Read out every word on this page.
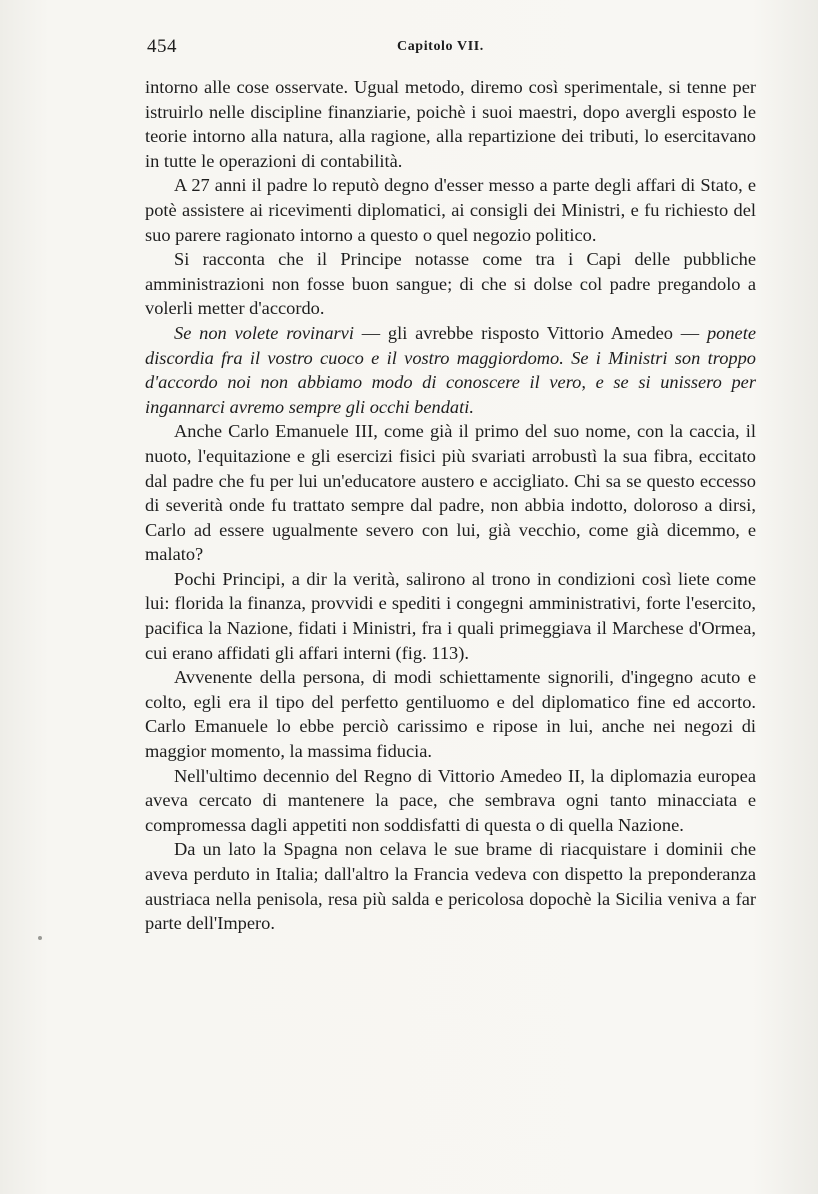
454	Capitolo VII.

intorno alle cose osservate. Ugual metodo, diremo così sperimentale, si tenne per istruirlo nelle discipline finanziarie, poichè i suoi maestri, dopo avergli esposto le teorie intorno alla natura, alla ragione, alla repartizione dei tributi, lo esercitavano in tutte le operazioni di contabilità.

A 27 anni il padre lo reputò degno d'esser messo a parte degli affari di Stato, e potè assistere ai ricevimenti diplomatici, ai consigli dei Ministri, e fu richiesto del suo parere ragionato intorno a questo o quel negozio politico.

Si racconta che il Principe notasse come tra i Capi delle pubbliche amministrazioni non fosse buon sangue; di che si dolse col padre pregandolo a volerli metter d'accordo.

Se non volete rovinarvi — gli avrebbe risposto Vittorio Amedeo — ponete discordia fra il vostro cuoco e il vostro maggiordomo. Se i Ministri son troppo d'accordo noi non abbiamo modo di conoscere il vero, e se si unissero per ingannarci avremo sempre gli occhi bendati.

Anche Carlo Emanuele III, come già il primo del suo nome, con la caccia, il nuoto, l'equitazione e gli esercizi fisici più svariati arrobustì la sua fibra, eccitato dal padre che fu per lui un'educatore austero e accigliato. Chi sa se questo eccesso di severità onde fu trattato sempre dal padre, non abbia indotto, doloroso a dirsi, Carlo ad essere ugualmente severo con lui, già vecchio, come già dicemmo, e malato?

Pochi Principi, a dir la verità, salirono al trono in condizioni così liete come lui: florida la finanza, provvidi e spediti i congegni amministrativi, forte l'esercito, pacifica la Nazione, fidati i Ministri, fra i quali primeggiava il Marchese d'Ormea, cui erano affidati gli affari interni (fig. 113).

Avvenente della persona, di modi schiettamente signorili, d'ingegno acuto e colto, egli era il tipo del perfetto gentiluomo e del diplomatico fine ed accorto. Carlo Emanuele lo ebbe perciò carissimo e ripose in lui, anche nei negozi di maggior momento, la massima fiducia.

Nell'ultimo decennio del Regno di Vittorio Amedeo II, la diplomazia europea aveva cercato di mantenere la pace, che sembrava ogni tanto minacciata e compromessa dagli appetiti non soddisfatti di questa o di quella Nazione.

Da un lato la Spagna non celava le sue brame di riacquistare i dominii che aveva perduto in Italia; dall'altro la Francia vedeva con dispetto la preponderanza austriaca nella penisola, resa più salda e pericolosa dopochè la Sicilia veniva a far parte dell'Impero.
